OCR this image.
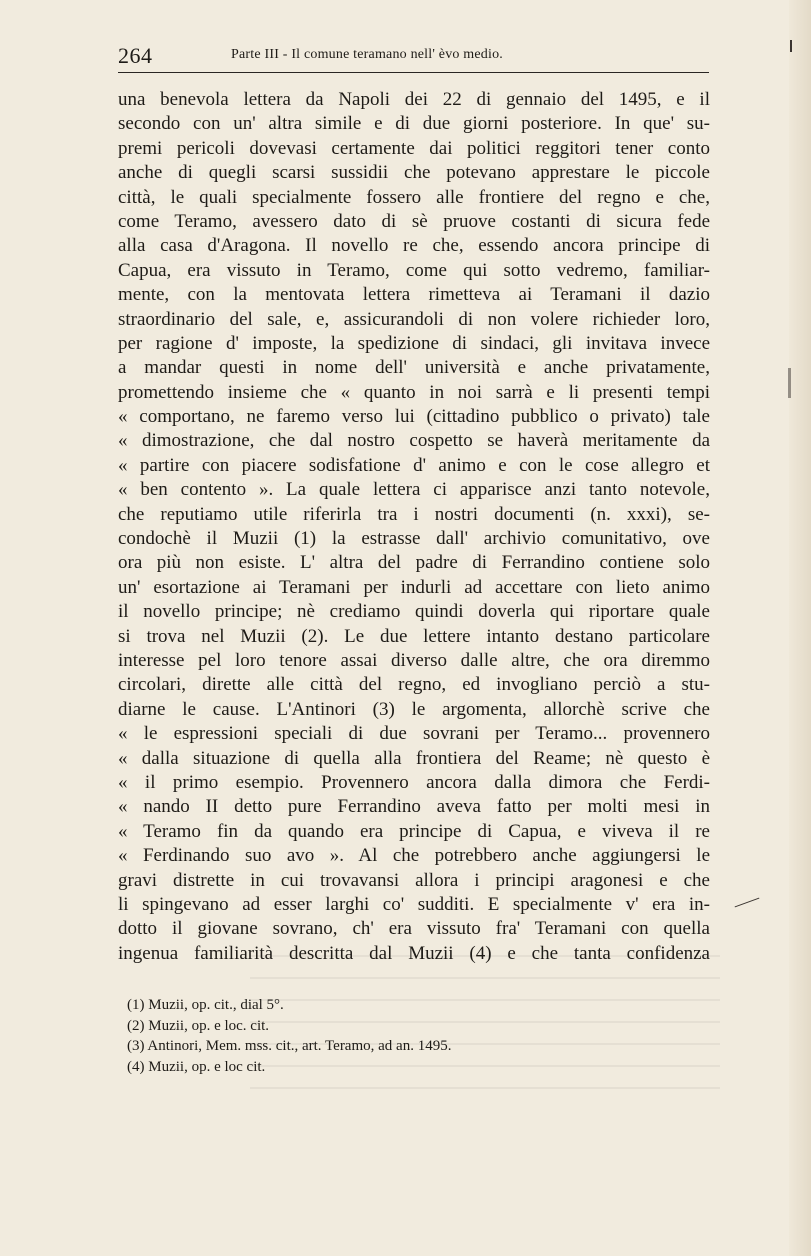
264	Parte III - Il comune teramano nell' èvo medio.
una benevola lettera da Napoli dei 22 di gennaio del 1495, e il
secondo con un' altra simile e di due giorni posteriore. In que' su-
premi pericoli dovevasi certamente dai politici reggitori tener conto
anche di quegli scarsi sussidii che potevano apprestare le piccole
città, le quali specialmente fossero alle frontiere del regno e che,
come Teramo, avessero dato di sè pruove costanti di sicura fede
alla casa d'Aragona. Il novello re che, essendo ancora principe di
Capua, era vissuto in Teramo, come qui sotto vedremo, familiar-
mente, con la mentovata lettera rimetteva ai Teramani il dazio
straordinario del sale, e, assicurandoli di non volere richieder loro,
per ragione d' imposte, la spedizione di sindaci, gli invitava invece
a mandar questi in nome dell' università e anche privatamente,
promettendo insieme che « quanto in noi sarrà e li presenti tempi
« comportano, ne faremo verso lui (cittadino pubblico o privato) tale
« dimostrazione, che dal nostro cospetto se haverà meritamente da
« partire con piacere sodisfatione d' animo e con le cose allegro et
« ben contento ». La quale lettera ci apparisce anzi tanto notevole,
che reputiamo utile riferirla tra i nostri documenti (n. xxxi), se-
condochè il Muzii (1) la estrasse dall' archivio comunitativo, ove
ora più non esiste. L' altra del padre di Ferrandino contiene solo
un' esortazione ai Teramani per indurli ad accettare con lieto animo
il novello principe; nè crediamo quindi doverla qui riportare quale
si trova nel Muzii (2). Le due lettere intanto destano particolare
interesse pel loro tenore assai diverso dalle altre, che ora diremmo
circolari, dirette alle città del regno, ed invogliano perciò a stu-
diarne le cause. L'Antinori (3) le argomenta, allorchè scrive che
« le espressioni speciali di due sovrani per Teramo... provennero
« dalla situazione di quella alla frontiera del Reame; nè questo è
« il primo esempio. Provennero ancora dalla dimora che Ferdi-
« nando II detto pure Ferrandino aveva fatto per molti mesi in
« Teramo fin da quando era principe di Capua, e viveva il re
« Ferdinando suo avo ». Al che potrebbero anche aggiungersi le
gravi distrette in cui trovavansi allora i principi aragonesi e che
li spingevano ad esser larghi co' sudditi. E specialmente v' era in-
dotto il giovane sovrano, ch' era vissuto fra' Teramani con quella
ingenua familiarità descritta dal Muzii (4) e che tanta confidenza
(1) Muzii, op. cit., dial 5°.
(2) Muzii, op. e loc. cit.
(3) Antinori, Mem. mss. cit., art. Teramo, ad an. 1495.
(4) Muzii, op. e loc cit.
